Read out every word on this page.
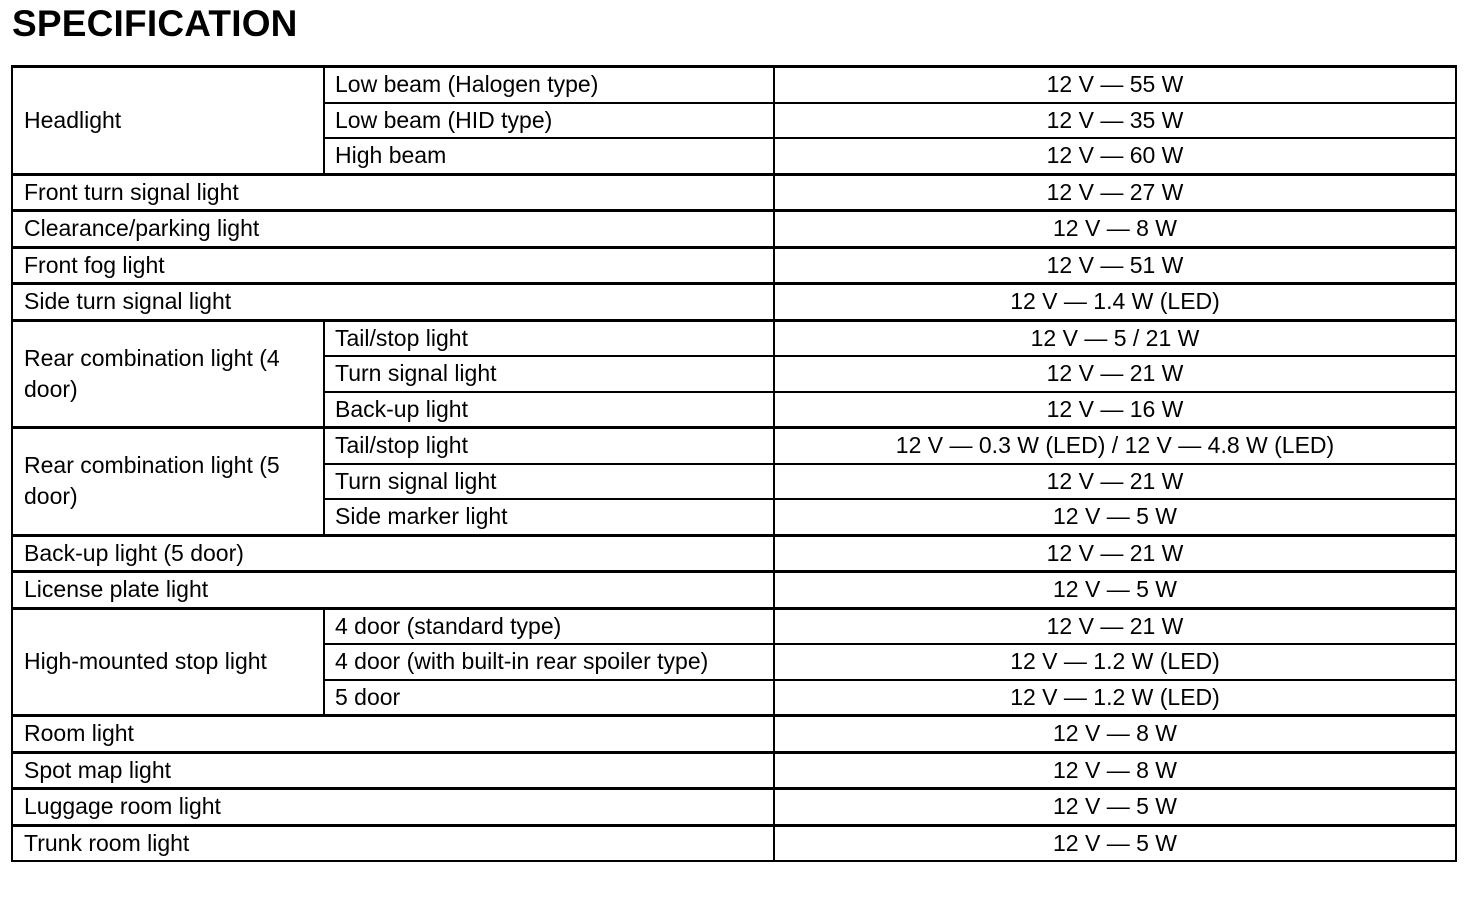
SPECIFICATION
Headlight	Low beam (Halogen type)	12 V — 55 W
	Low beam (HID type)	12 V — 35 W
	High beam	12 V — 60 W
Front turn signal light		12 V — 27 W
Clearance/parking light		12 V — 8 W
Front fog light		12 V — 51 W
Side turn signal light		12 V — 1.4 W (LED)
Rear combination light (4 door)	Tail/stop light	12 V — 5 / 21 W
	Turn signal light	12 V — 21 W
	Back-up light	12 V — 16 W
Rear combination light (5 door)	Tail/stop light	12 V — 0.3 W (LED) / 12 V — 4.8 W (LED)
	Turn signal light	12 V — 21 W
	Side marker light	12 V — 5 W
Back-up light (5 door)		12 V — 21 W
License plate light		12 V — 5 W
High-mounted stop light	4 door (standard type)	12 V — 21 W
	4 door (with built-in rear spoiler type)	12 V — 1.2 W (LED)
	5 door	12 V — 1.2 W (LED)
Room light		12 V — 8 W
Spot map light		12 V — 8 W
Luggage room light		12 V — 5 W
Trunk room light		12 V — 5 W
